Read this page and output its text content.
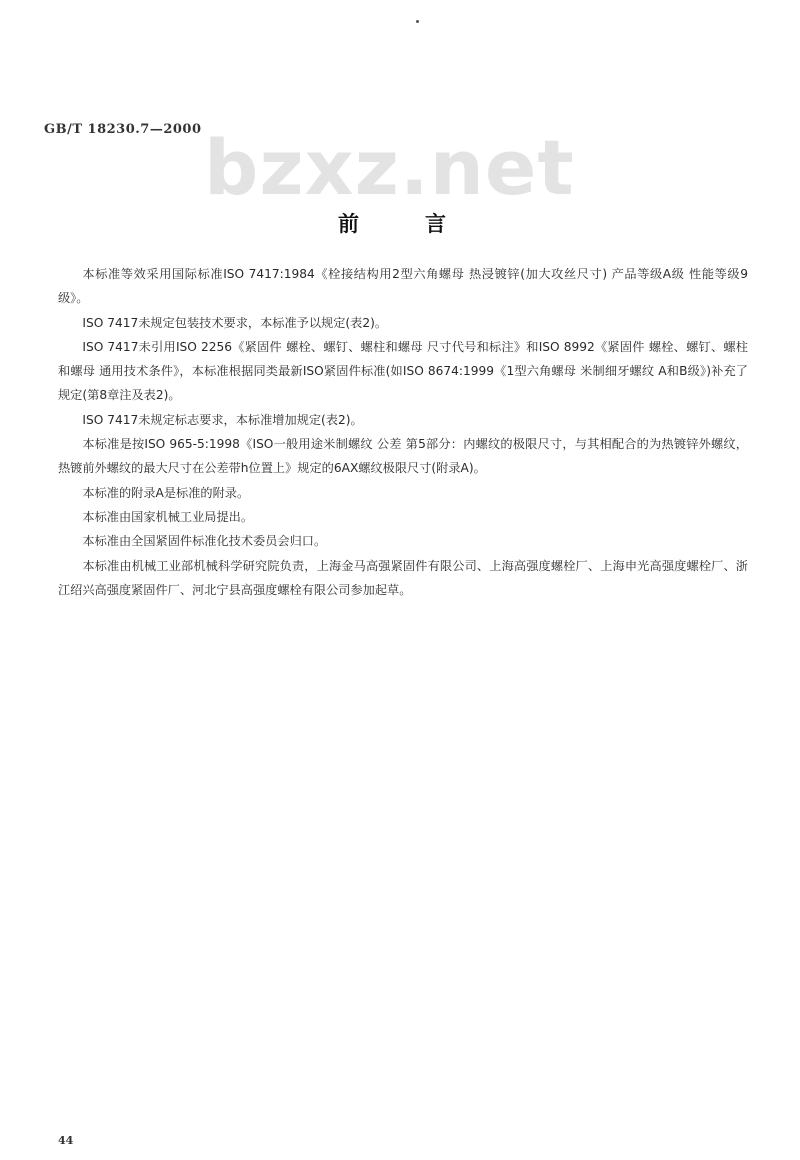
GB/T 18230.7—2000 bzxz.net
前言

本标准等效采用国际标准ISO 7417:1984《栓接结构用2型六角螺母 热浸镀锌(加大攻丝尺寸) 产品等级A级 性能等级9级》。

ISO 7417未规定包装技术要求，本标准予以规定(表2)。

ISO 7417未引用ISO 2256《紧固件 螺栓、螺钉、螺柱和螺母 尺寸代号和标注》和ISO 8992《紧固件 螺栓、螺钉、螺柱和螺母 通用技术条件》，本标准根据同类最新ISO紧固件标准(如ISO 8674:1999《1型六角螺母 米制细牙螺纹 A和B级》)补充了规定(第8章注及表2)。

ISO 7417未规定标志要求，本标准增加规定(表2)。

本标准是按ISO 965-5:1998《ISO一般用途米制螺纹 公差 第5部分：内螺纹的极限尺寸，与其相配合的为热镀锌外螺纹，热镀前外螺纹的最大尺寸在公差带h位置上》规定的6AX螺纹极限尺寸(附录A)。

本标准的附录A是标准的附录。

本标准由国家机械工业局提出。

本标准由全国紧固件标准化技术委员会归口。

本标准由机械工业部机械科学研究院负责，上海金马高强紧固件有限公司、上海高强度螺栓厂、上海申光高强度螺栓厂、浙江绍兴高强度紧固件厂、河北宁县高强度螺栓有限公司参加起草。

44
